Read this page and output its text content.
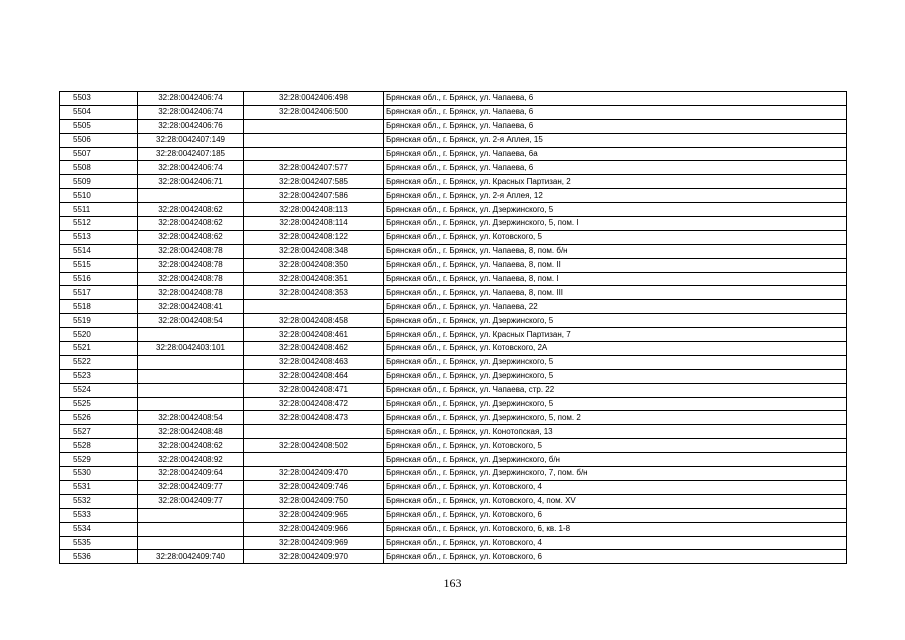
5503	32:28:0042406:74	32:28:0042406:498	Брянская обл., г. Брянск, ул. Чапаева, 6
5504	32:28:0042406:74	32:28:0042406:500	Брянская обл., г. Брянск, ул. Чапаева, 6
5505	32:28:0042406:76		Брянская обл., г. Брянск, ул. Чапаева, 6
5506	32:28:0042407:149		Брянская обл., г. Брянск, ул. 2-я Аплея, 15
5507	32:28:0042407:185		Брянская обл., г. Брянск, ул. Чапаева, 6а
5508	32:28:0042406:74	32:28:0042407:577	Брянская обл., г. Брянск, ул. Чапаева, 6
5509	32:28:0042406:71	32:28:0042407:585	Брянская обл., г. Брянск, ул. Красных Партизан, 2
5510		32:28:0042407:586	Брянская обл., г. Брянск, ул. 2-я Аплея, 12
5511	32:28:0042408:62	32:28:0042408:113	Брянская обл., г. Брянск, ул. Дзержинского, 5
5512	32:28:0042408:62	32:28:0042408:114	Брянская обл., г. Брянск, ул. Дзержинского, 5, пом. I
5513	32:28:0042408:62	32:28:0042408:122	Брянская обл., г. Брянск, ул. Котовского, 5
5514	32:28:0042408:78	32:28:0042408:348	Брянская обл., г. Брянск, ул. Чапаева, 8, пом. б/н
5515	32:28:0042408:78	32:28:0042408:350	Брянская обл., г. Брянск, ул. Чапаева, 8, пом. II
5516	32:28:0042408:78	32:28:0042408:351	Брянская обл., г. Брянск, ул. Чапаева, 8, пом. I
5517	32:28:0042408:78	32:28:0042408:353	Брянская обл., г. Брянск, ул. Чапаева, 8, пом. III
5518	32:28:0042408:41		Брянская обл., г. Брянск, ул. Чапаева, 22
5519	32:28:0042408:54	32:28:0042408:458	Брянская обл., г. Брянск, ул. Дзержинского, 5
5520		32:28:0042408:461	Брянская обл., г. Брянск, ул. Красных Партизан, 7
5521	32:28:0042403:101	32:28:0042408:462	Брянская обл., г. Брянск, ул. Котовского, 2А
5522		32:28:0042408:463	Брянская обл., г. Брянск, ул. Дзержинского, 5
5523		32:28:0042408:464	Брянская обл., г. Брянск, ул. Дзержинского, 5
5524		32:28:0042408:471	Брянская обл., г. Брянск, ул. Чапаева, стр. 22
5525		32:28:0042408:472	Брянская обл., г. Брянск, ул. Дзержинского, 5
5526	32:28:0042408:54	32:28:0042408:473	Брянская обл., г. Брянск, ул. Дзержинского, 5, пом. 2
5527	32:28:0042408:48		Брянская обл., г. Брянск, ул. Конотопская, 13
5528	32:28:0042408:62	32:28:0042408:502	Брянская обл., г. Брянск, ул. Котовского, 5
5529	32:28:0042408:92		Брянская обл., г. Брянск, ул. Дзержинского, б/н
5530	32:28:0042409:64	32:28:0042409:470	Брянская обл., г. Брянск, ул. Дзержинского, 7, пом. б/н
5531	32:28:0042409:77	32:28:0042409:746	Брянская обл., г. Брянск, ул. Котовского, 4
5532	32:28:0042409:77	32:28:0042409:750	Брянская обл., г. Брянск, ул. Котовского, 4, пом. XV
5533		32:28:0042409:965	Брянская обл., г. Брянск, ул. Котовского, 6
5534		32:28:0042409:966	Брянская обл., г. Брянск, ул. Котовского, 6, кв. 1-8
5535		32:28:0042409:969	Брянская обл., г. Брянск, ул. Котовского, 4
5536	32:28:0042409:740	32:28:0042409:970	Брянская обл., г. Брянск, ул. Котовского, 6
163
